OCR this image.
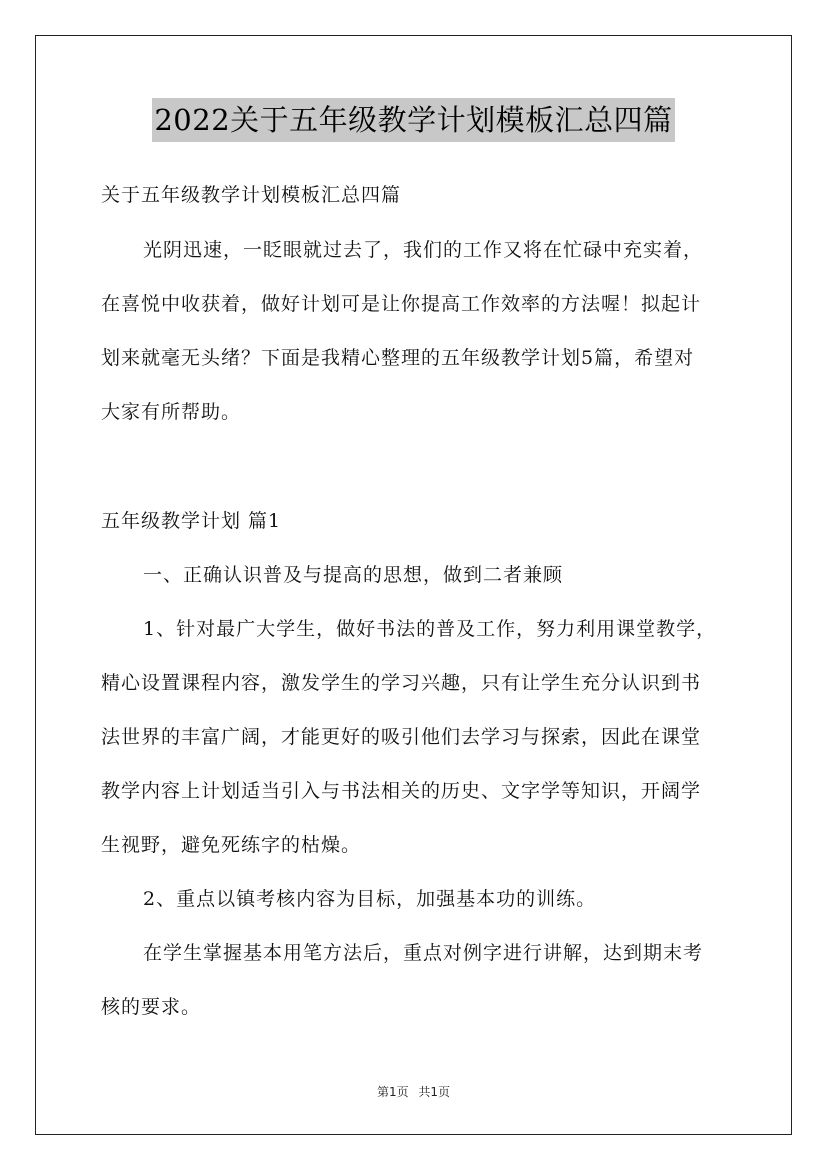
2022关于五年级教学计划模板汇总四篇
关于五年级教学计划模板汇总四篇
光阴迅速，一眨眼就过去了，我们的工作又将在忙碌中充实着，
在喜悦中收获着，做好计划可是让你提高工作效率的方法喔！拟起计
划来就毫无头绪？下面是我精心整理的五年级教学计划5篇，希望对
大家有所帮助。
五年级教学计划 篇1
一、正确认识普及与提高的思想，做到二者兼顾
1、针对最广大学生，做好书法的普及工作，努力利用课堂教学，
精心设置课程内容，激发学生的学习兴趣，只有让学生充分认识到书
法世界的丰富广阔，才能更好的吸引他们去学习与探索，因此在课堂
教学内容上计划适当引入与书法相关的历史、文字学等知识，开阔学
生视野，避免死练字的枯燥。
2、重点以镇考核内容为目标，加强基本功的训练。
在学生掌握基本用笔方法后，重点对例字进行讲解，达到期末考
核的要求。
第1页 共1页
